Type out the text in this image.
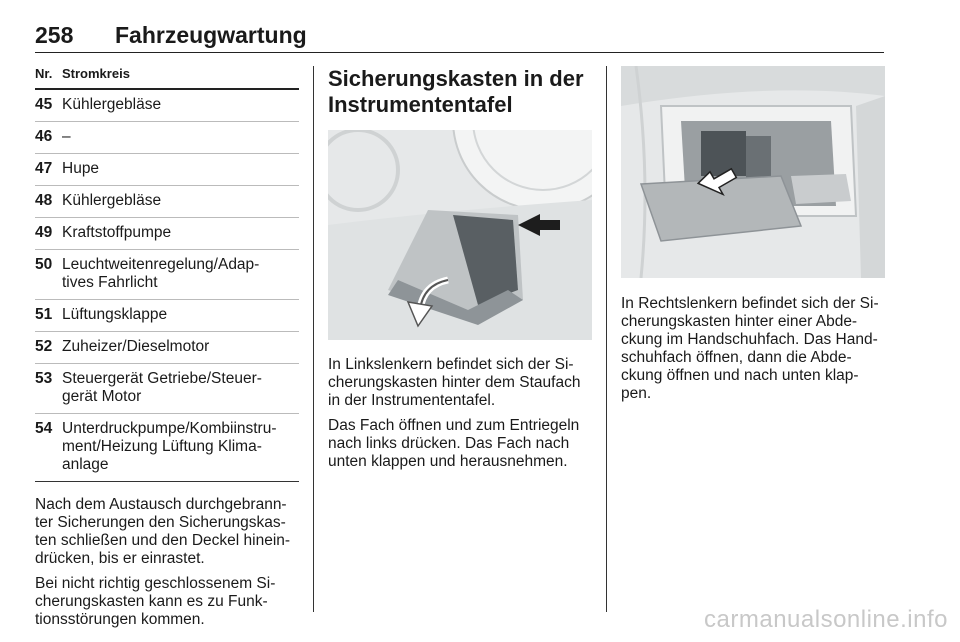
258 Fahrzeugwartung
Nr. Stromkreis
45 Kühlergebläse
46 –
47 Hupe
48 Kühlergebläse
49 Kraftstoffpumpe
50 Leuchtweitenregelung/Adap-
tives Fahrlicht
51 Lüftungsklappe
52 Zuheizer/Dieselmotor
53 Steuergerät Getriebe/Steuer-
gerät Motor
54 Unterdruckpumpe/Kombiinstru-
ment/Heizung Lüftung Klima-
anlage

Nach dem Austausch durchgebrann-
ter Sicherungen den Sicherungskas-
ten schließen und den Deckel hinein-
drücken, bis er einrastet.

Bei nicht richtig geschlossenem Si-
cherungskasten kann es zu Funk-
tionsstörungen kommen.

Sicherungskasten in der
Instrumententafel

In Linkslenkern befindet sich der Si-
cherungskasten hinter dem Staufach
in der Instrumententafel.

Das Fach öffnen und zum Entriegeln
nach links drücken. Das Fach nach
unten klappen und herausnehmen.

In Rechtslenkern befindet sich der Si-
cherungskasten hinter einer Abde-
ckung im Handschuhfach. Das Hand-
schuhfach öffnen, dann die Abde-
ckung öffnen und nach unten klap-
pen.

carmanualsonline.info
